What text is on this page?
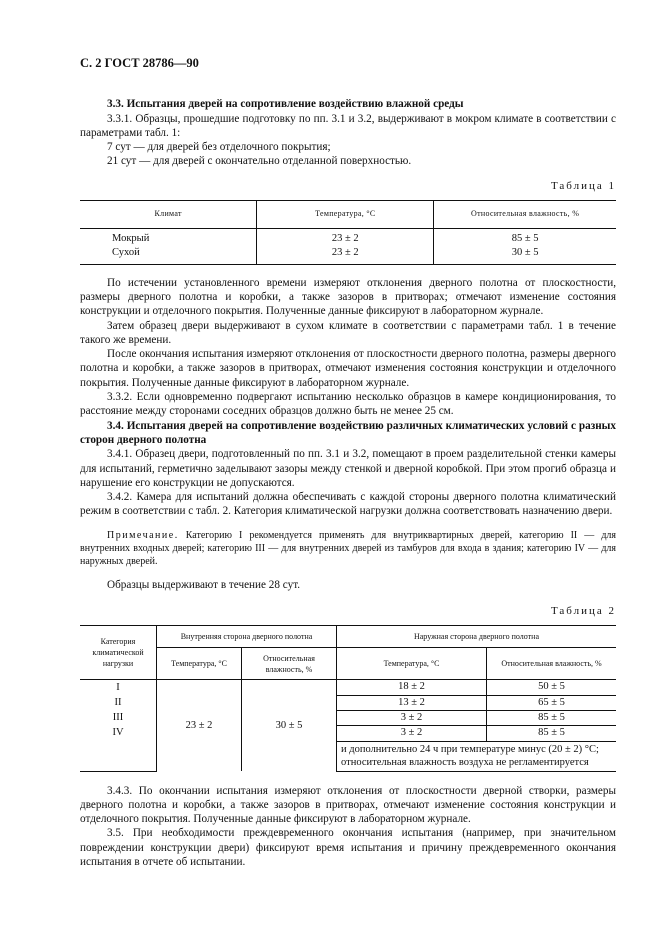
С. 2 ГОСТ 28786—90

3.3. Испытания дверей на сопротивление воздействию влажной среды

3.3.1. Образцы, прошедшие подготовку по пп. 3.1 и 3.2, выдерживают в мокром климате в соответствии с параметрами табл. 1:

7 сут — для дверей без отделочного покрытия;

21 сут — для дверей с окончательно отделанной поверхностью.

Таблица 1
Климат	Температура, °С	Относительная влажность, %
Мокрый	23 ± 2	85 ± 5
Сухой	23 ± 2	30 ± 5

По истечении установленного времени измеряют отклонения дверного полотна от плоскостности, размеры дверного полотна и коробки, а также зазоров в притворах; отмечают изменение состояния конструкции и отделочного покрытия. Полученные данные фиксируют в лабораторном журнале.

Затем образец двери выдерживают в сухом климате в соответствии с параметрами табл. 1 в течение такого же времени.

После окончания испытания измеряют отклонения от плоскостности дверного полотна, размеры дверного полотна и коробки, а также зазоров в притворах, отмечают изменения состояния конструкции и отделочного покрытия. Полученные данные фиксируют в лабораторном журнале.

3.3.2. Если одновременно подвергают испытанию несколько образцов в камере кондиционирования, то расстояние между сторонами соседних образцов должно быть не менее 25 см.

3.4. Испытания дверей на сопротивление воздействию различных климатических условий с разных сторон дверного полотна

3.4.1. Образец двери, подготовленный по пп. 3.1 и 3.2, помещают в проем разделительной стенки камеры для испытаний, герметично заделывают зазоры между стенкой и дверной коробкой. При этом прогиб образца и нарушение его конструкции не допускаются.

3.4.2. Камера для испытаний должна обеспечивать с каждой стороны дверного полотна климатический режим в соответствии с табл. 2. Категория климатической нагрузки должна соответствовать назначению двери.

Примечание. Категорию I рекомендуется применять для внутриквартирных дверей, категорию II — для внутренних входных дверей; категорию III — для внутренних дверей из тамбуров для входа в здания; категорию IV — для наружных дверей.

Образцы выдерживают в течение 28 сут.

Таблица 2
Категория климатической нагрузки	Внутренняя сторона дверного полотна		Наружная сторона дверного полотна	
	Температура, °С	Относительная влажность, %	Температура, °С	Относительная влажность, %
I	23 ± 2	30 ± 5	18 ± 2	50 ± 5
II			13 ± 2	65 ± 5
III			3 ± 2	85 ± 5
IV			3 ± 2	85 ± 5
			и дополнительно 24 ч при температуре минус (20 ± 2) °С; относительная влажность воздуха не регламентируется	

3.4.3. По окончании испытания измеряют отклонения от плоскостности дверной створки, размеры дверного полотна и коробки, а также зазоров в притворах, отмечают изменение состояния конструкции и отделочного покрытия. Полученные данные фиксируют в лабораторном журнале.

3.5. При необходимости преждевременного окончания испытания (например, при значительном повреждении конструкции двери) фиксируют время испытания и причину преждевременного окончания испытания в отчете об испытании.
